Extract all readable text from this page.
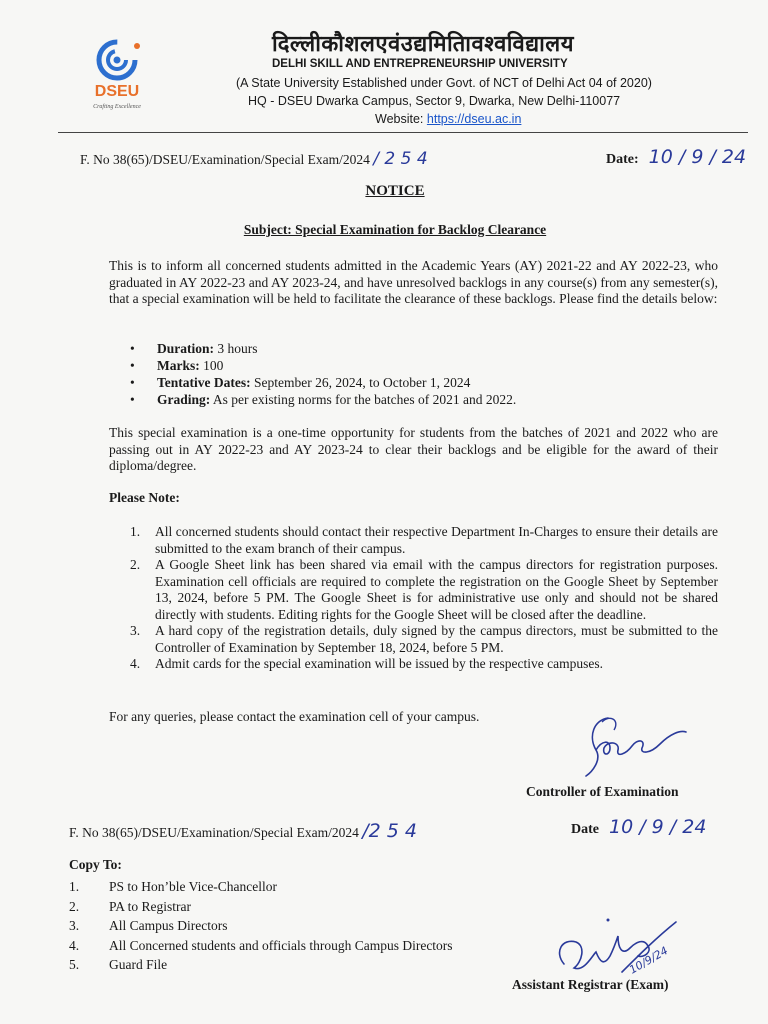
DSEU
Crafting Excellence
दिल्लीकौशलएवंउद्यमितािवश्वविद्यालय
DELHI SKILL AND ENTREPRENEURSHIP UNIVERSITY
(A State University Established under Govt. of NCT of Delhi Act 04 of 2020)
HQ - DSEU Dwarka Campus, Sector 9, Dwarka, New Delhi-110077
Website: https://dseu.ac.in
F. No 38(65)/DSEU/Examination/Special Exam/2024 / 2 5 4	Date: 10 / 9 / 24
NOTICE
Subject: Special Examination for Backlog Clearance
This is to inform all concerned students admitted in the Academic Years (AY) 2021-22 and AY 2022-23, who graduated in AY 2022-23 and AY 2023-24, and have unresolved backlogs in any course(s) from any semester(s), that a special examination will be held to facilitate the clearance of these backlogs. Please find the details below:
• Duration: 3 hours
• Marks: 100
• Tentative Dates: September 26, 2024, to October 1, 2024
• Grading: As per existing norms for the batches of 2021 and 2022.
This special examination is a one-time opportunity for students from the batches of 2021 and 2022 who are passing out in AY 2022-23 and AY 2023-24 to clear their backlogs and be eligible for the award of their diploma/degree.
Please Note:
1. All concerned students should contact their respective Department In-Charges to ensure their details are submitted to the exam branch of their campus.
2. A Google Sheet link has been shared via email with the campus directors for registration purposes. Examination cell officials are required to complete the registration on the Google Sheet by September 13, 2024, before 5 PM. The Google Sheet is for administrative use only and should not be shared directly with students. Editing rights for the Google Sheet will be closed after the deadline.
3. A hard copy of the registration details, duly signed by the campus directors, must be submitted to the Controller of Examination by September 18, 2024, before 5 PM.
4. Admit cards for the special examination will be issued by the respective campuses.
For any queries, please contact the examination cell of your campus.
Controller of Examination
F. No 38(65)/DSEU/Examination/Special Exam/2024 /2 5 4	Date 10 / 9 / 24
Copy To:
1. PS to Hon’ble Vice-Chancellor
2. PA to Registrar
3. All Campus Directors
4. All Concerned students and officials through Campus Directors
5. Guard File	10/9/24
Assistant Registrar (Exam)
